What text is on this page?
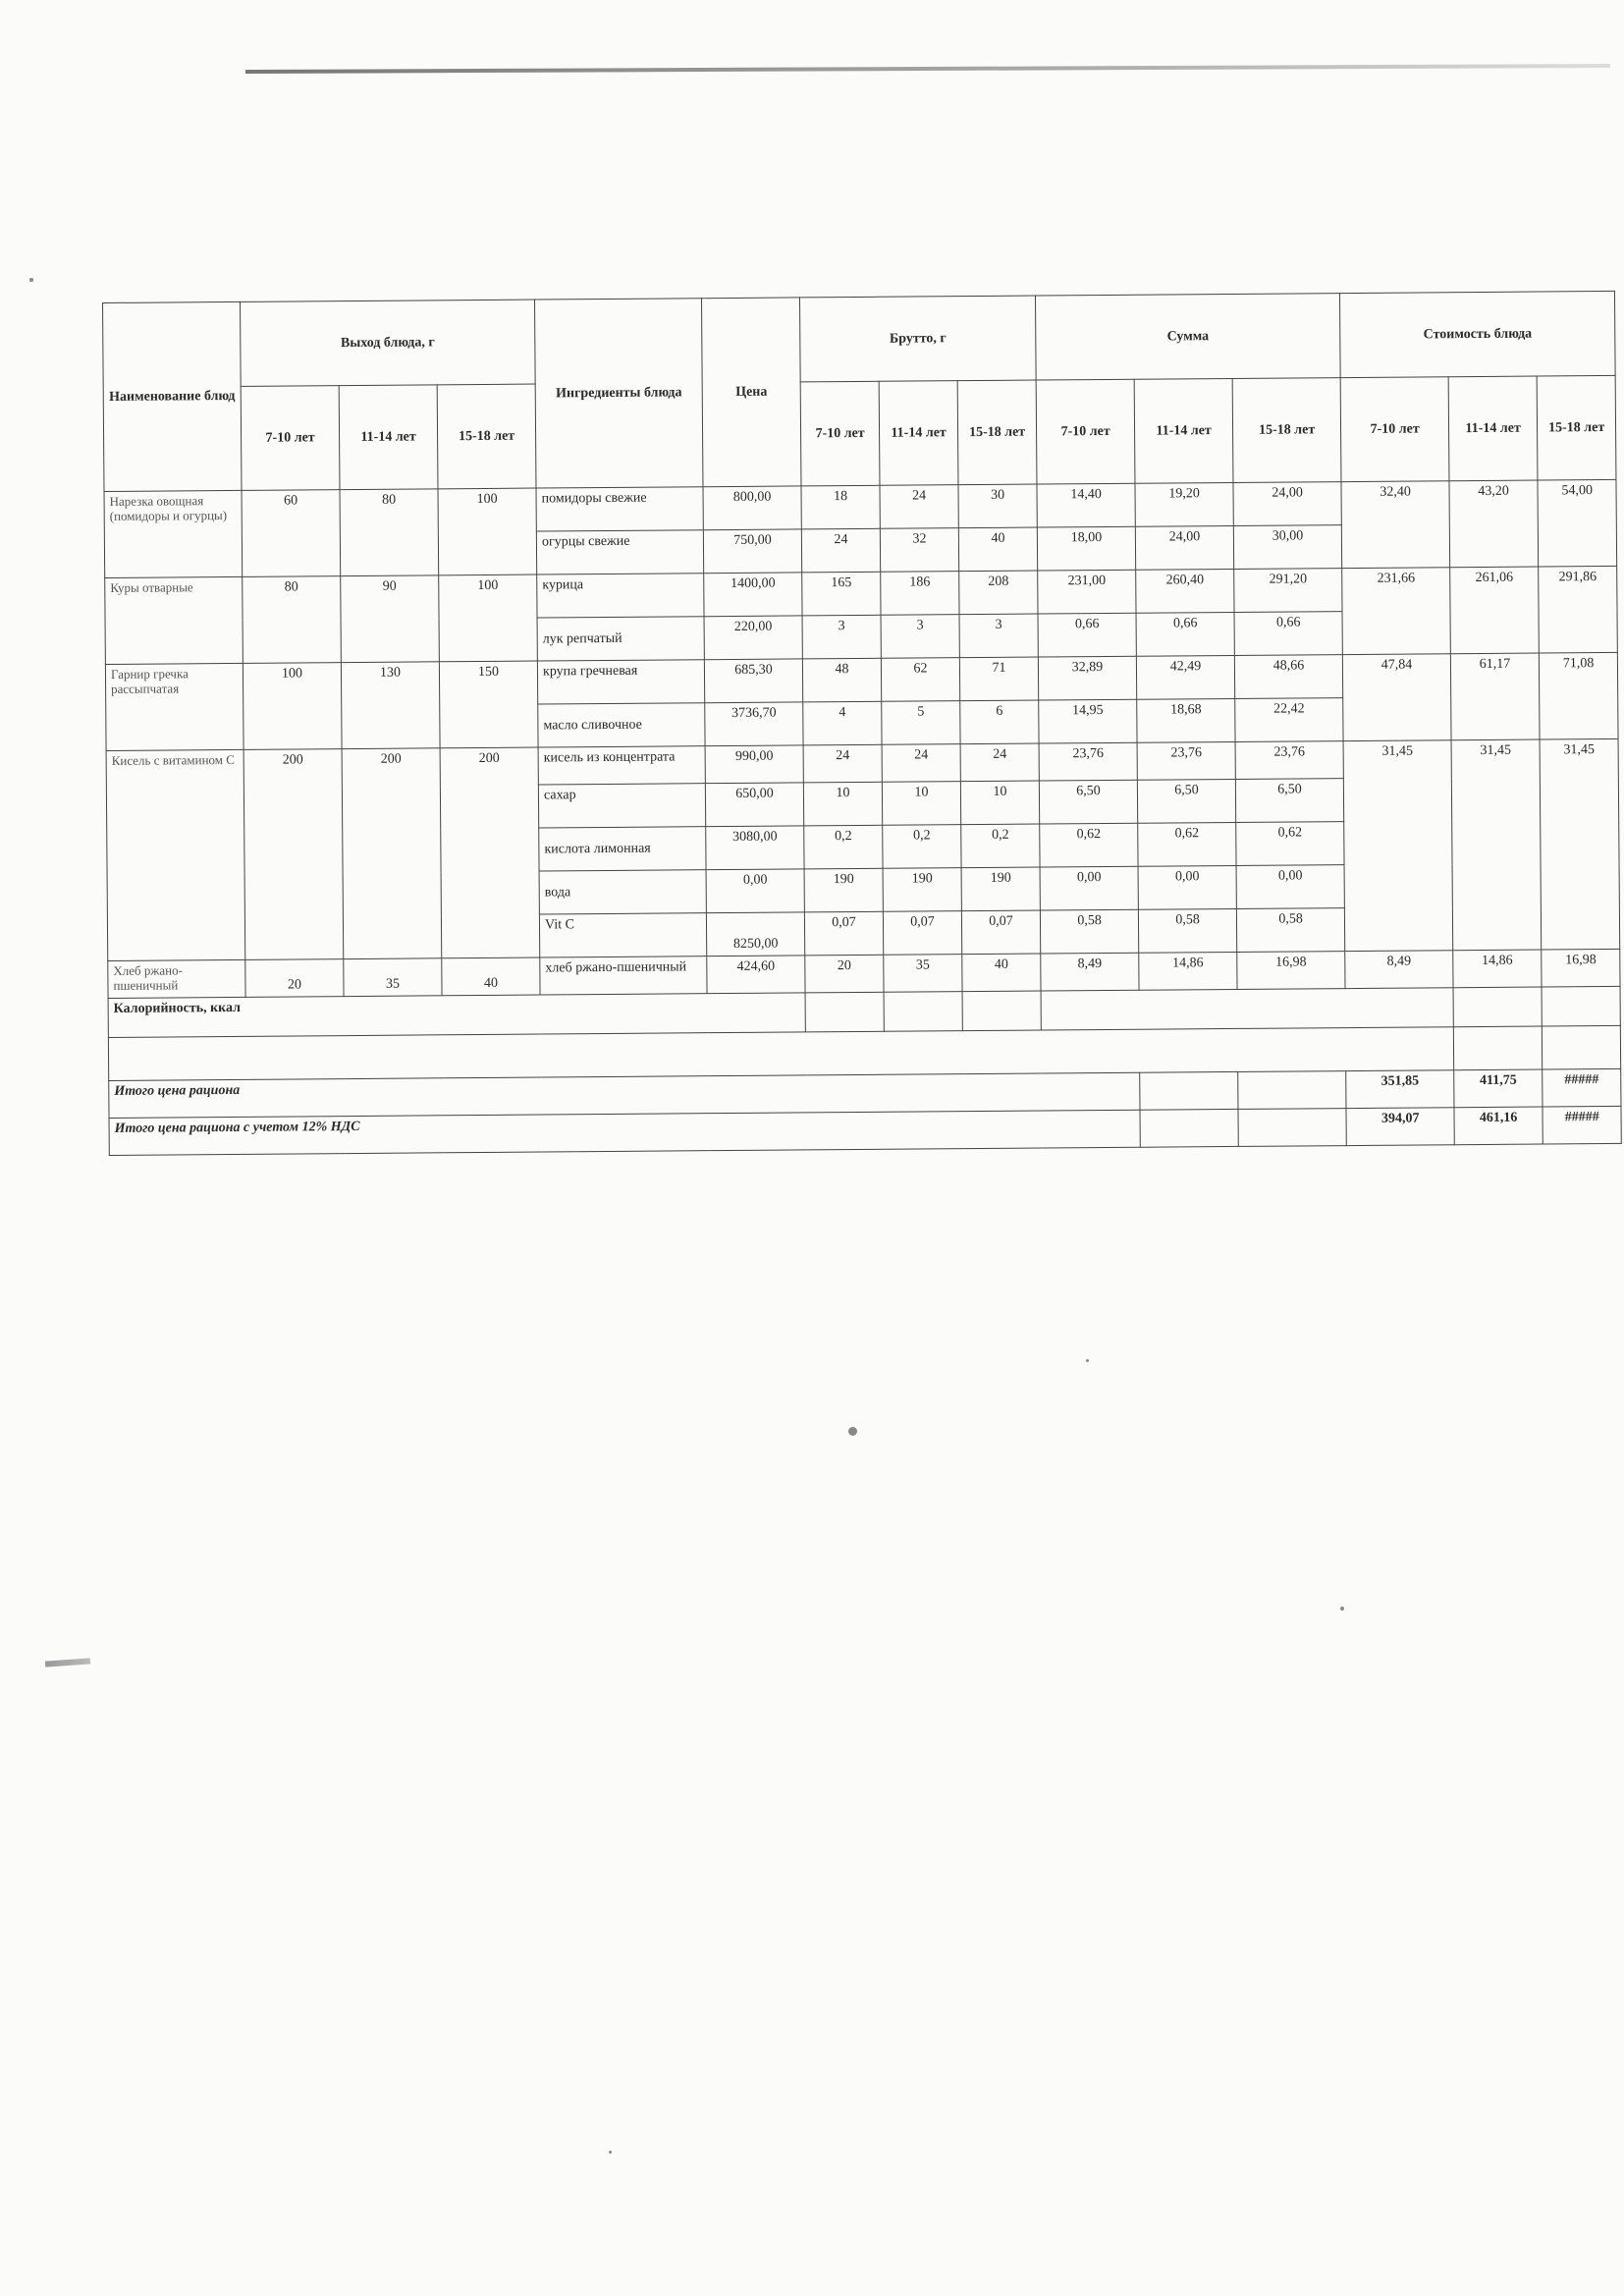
Наименование блюд	Выход блюда, г			Ингредиенты блюда	Цена	Брутто, г			Сумма			Стоимость блюда		
	7-10 лет	11-14 лет	15-18 лет			7-10 лет	11-14 лет	15-18 лет	7-10 лет	11-14 лет	15-18 лет	7-10 лет	11-14 лет	15-18 лет
Нарезка овощная (помидоры и огурцы)	60	80	100	помидоры свежие	800,00	18	24	30	14,40	19,20	24,00	32,40	43,20	54,00
				огурцы свежие	750,00	24	32	40	18,00	24,00	30,00			
Куры отварные	80	90	100	курица	1400,00	165	186	208	231,00	260,40	291,20	231,66	261,06	291,86
				лук репчатый	220,00	3	3	3	0,66	0,66	0,66			
Гарнир гречка рассыпчатая	100	130	150	крупа гречневая	685,30	48	62	71	32,89	42,49	48,66	47,84	61,17	71,08
				масло сливочное	3736,70	4	5	6	14,95	18,68	22,42			
Кисель с витамином С	200	200	200	кисель из концентрата	990,00	24	24	24	23,76	23,76	23,76	31,45	31,45	31,45
				сахар	650,00	10	10	10	6,50	6,50	6,50			
				кислота лимонная	3080,00	0,2	0,2	0,2	0,62	0,62	0,62			
				вода	0,00	190	190	190	0,00	0,00	0,00			
				Vit C	8250,00	0,07	0,07	0,07	0,58	0,58	0,58			
Хлеб ржано-пшеничный	20	35	40	хлеб ржано-пшеничный	424,60	20	35	40	8,49	14,86	16,98	8,49	14,86	16,98
Калорийность, ккал														

Итого цена рациона												351,85	411,75	#####
Итого цена рациона с учетом 12% НДС												394,07	461,16	#####
